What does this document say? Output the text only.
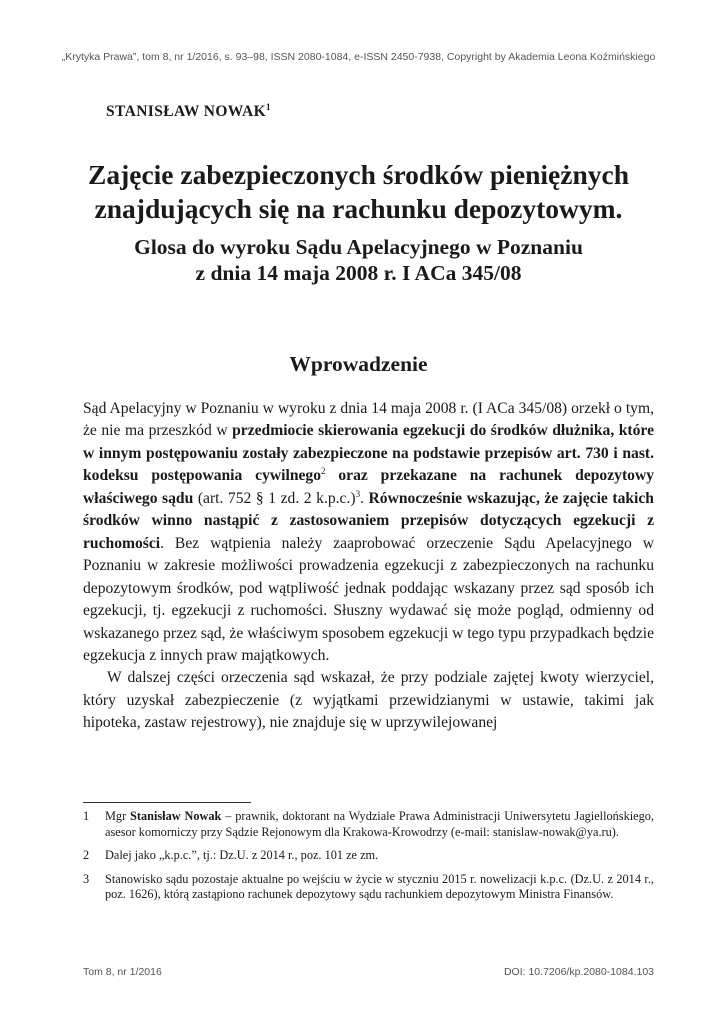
„Krytyka Prawa”, tom 8, nr 1/2016, s. 93–98, ISSN 2080-1084, e-ISSN 2450-7938, Copyright by Akademia Leona Koźmińskiego
STANISŁAW NOWAK$^1$
Zajęcie zabezpieczonych środków pieniężnych
znajdujących się na rachunku depozytowym.
Glosa do wyroku Sądu Apelacyjnego w Poznaniu
z dnia 14 maja 2008 r. I ACa 345/08
Wprowadzenie

Sąd Apelacyjny w Poznaniu w wyroku z dnia 14 maja 2008 r. (I ACa 345/08) orzekł o tym, że nie ma przeszkód w przedmiocie skierowania egzekucji do środków dłużnika, które w innym postępowaniu zostały zabezpieczone na podstawie przepisów art. 730 i nast. kodeksu postępowania cywilnego$^2$ oraz przekazane na rachunek depozytowy właściwego sądu (art. 752 § 1 zd. 2 k.p.c.)$^3$. Równocześnie wskazując, że zajęcie takich środków winno nastąpić z zastosowaniem przepisów dotyczących egzekucji z ruchomości. Bez wątpienia należy zaaprobować orzeczenie Sądu Apelacyjnego w Poznaniu w zakresie możliwości prowadzenia egzekucji z zabezpieczonych na rachunku depozytowym środków, pod wątpliwość jednak poddając wskazany przez sąd sposób ich egzekucji, tj. egzekucji z ruchomości. Słuszny wydawać się może pogląd, odmienny od wskazanego przez sąd, że właściwym sposobem egzekucji w tego typu przypadkach będzie egzekucja z innych praw majątkowych.

W dalszej części orzeczenia sąd wskazał, że przy podziale zajętej kwoty wierzyciel, który uzyskał zabezpieczenie (z wyjątkami przewidzianymi w ustawie, takimi jak hipoteka, zastaw rejestrowy), nie znajduje się w uprzywilejowanej

1	Mgr Stanisław Nowak – prawnik, doktorant na Wydziale Prawa Administracji Uniwersytetu Jagiellońskiego, asesor komorniczy przy Sądzie Rejonowym dla Krakowa-Krowodrzy (e-mail: stanislaw-nowak@ya.ru).
2	Dalej jako „k.p.c.”, tj.: Dz.U. z 2014 r., poz. 101 ze zm.
3	Stanowisko sądu pozostaje aktualne po wejściu w życie w styczniu 2015 r. nowelizacji k.p.c. (Dz.U. z 2014 r., poz. 1626), którą zastąpiono rachunek depozytowy sądu rachunkiem depozytowym Ministra Finansów.
Tom 8, nr 1/2016	DOI: 10.7206/kp.2080-1084.103
